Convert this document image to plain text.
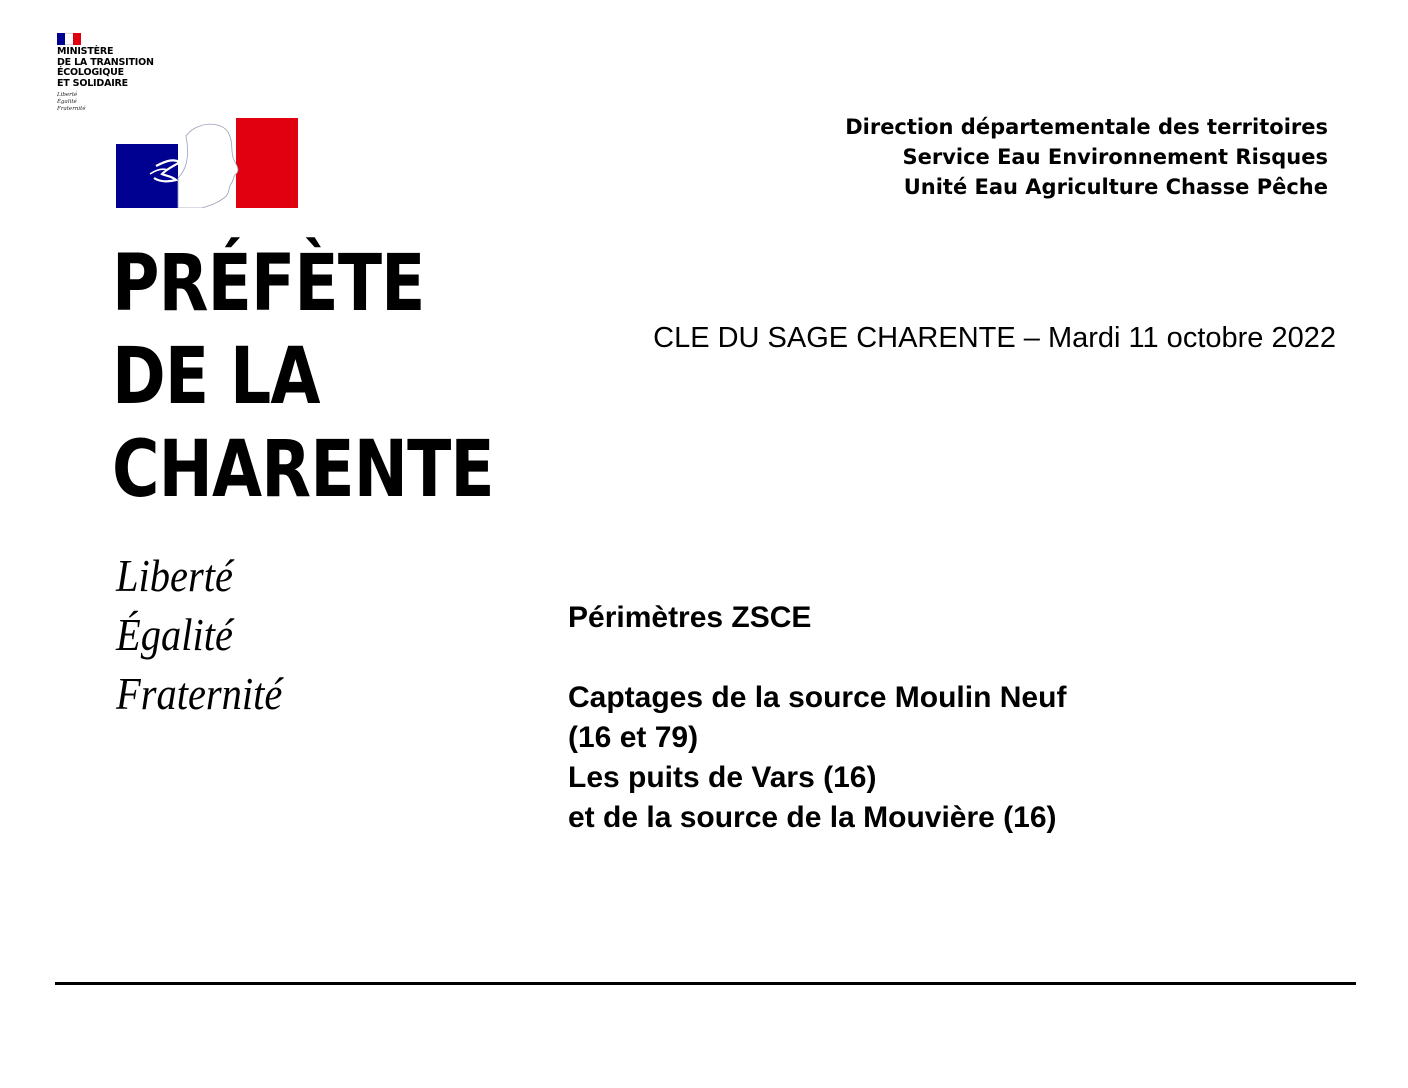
MINISTÈRE
DE LA TRANSITION
ÉCOLOGIQUE
ET SOLIDAIRE
Liberté
Égalité
Fraternité
PRÉFÈTE
DE LA
CHARENTE
Liberté
Égalité
Fraternité
Direction départementale des territoires
Service Eau Environnement Risques
Unité Eau Agriculture Chasse Pêche
CLE DU SAGE CHARENTE – Mardi 11 octobre 2022
Périmètres ZSCE
Captages de la source Moulin Neuf
(16 et 79)
Les puits de Vars (16)
et de la source de la Mouvière (16)
